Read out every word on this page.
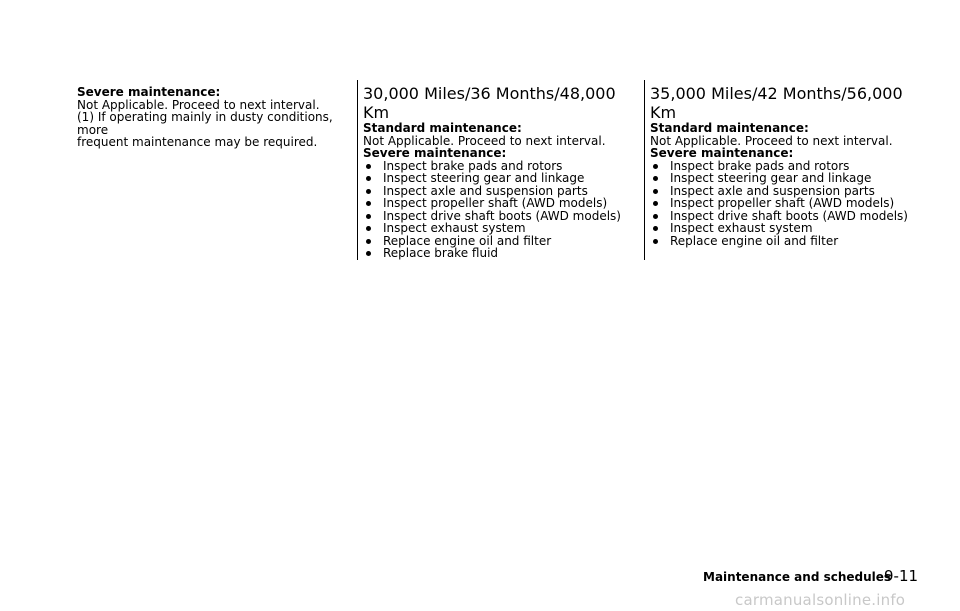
Severe maintenance:

Not Applicable. Proceed to next interval.

(1) If operating mainly in dusty conditions, more

frequent maintenance may be required.

30,000 Miles/36 Months/48,000 Km
Standard maintenance:

Not Applicable. Proceed to next interval.

Severe maintenance:
Inspect brake pads and rotors
Inspect steering gear and linkage
Inspect axle and suspension parts
Inspect propeller shaft (AWD models)
Inspect drive shaft boots (AWD models)
Inspect exhaust system
Replace engine oil and filter
Replace brake fluid
35,000 Miles/42 Months/56,000 Km
Standard maintenance:

Not Applicable. Proceed to next interval.

Severe maintenance:
Inspect brake pads and rotors
Inspect steering gear and linkage
Inspect axle and suspension parts
Inspect propeller shaft (AWD models)
Inspect drive shaft boots (AWD models)
Inspect exhaust system
Replace engine oil and filter
Maintenance and schedules
9-11
carmanualsonline.info
